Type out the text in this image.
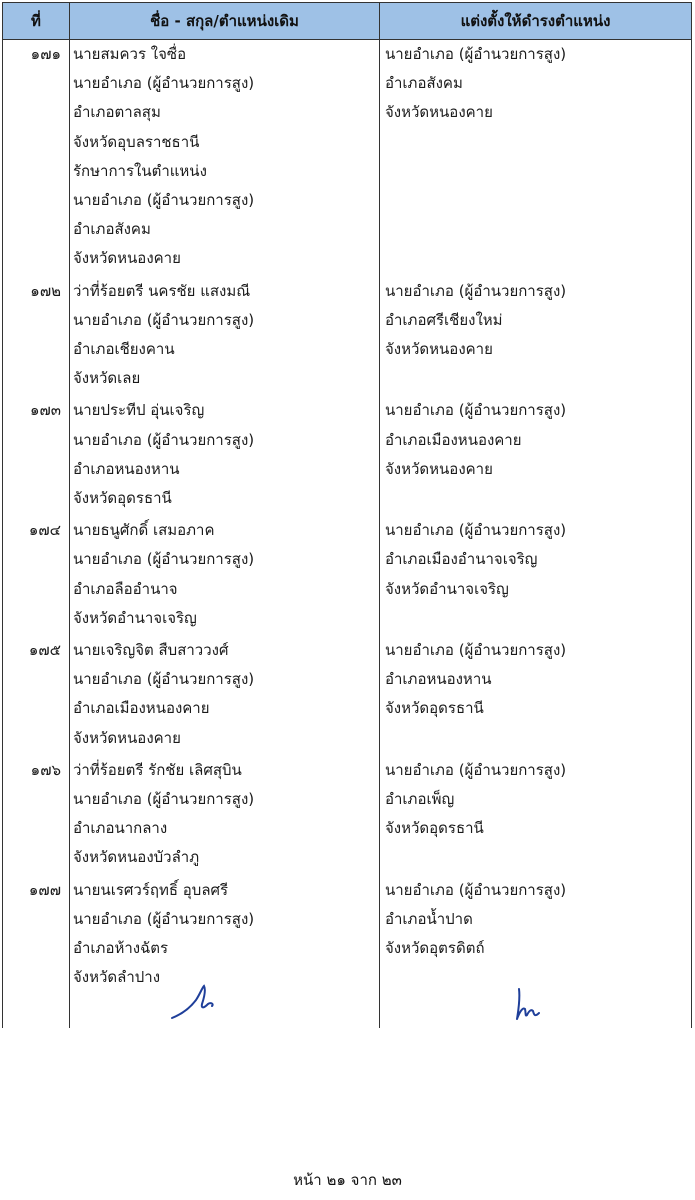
ที่	ชื่อ - สกุล/ตำแหน่งเดิม	แต่งตั้งให้ดำรงตำแหน่ง
๑๗๑ นายสมควร ใจซื่อ
นายอำเภอ (ผู้อำนวยการสูง)
อำเภอตาลสุม
จังหวัดอุบลราชธานี
รักษาการในตำแหน่ง
นายอำเภอ (ผู้อำนวยการสูง)
อำเภอสังคม
จังหวัดหนองคาย
นายอำเภอ (ผู้อำนวยการสูง)
อำเภอสังคม
จังหวัดหนองคาย
๑๗๒ ว่าที่ร้อยตรี นครชัย แสงมณี
นายอำเภอ (ผู้อำนวยการสูง)
อำเภอเชียงคาน
จังหวัดเลย
นายอำเภอ (ผู้อำนวยการสูง)
อำเภอศรีเชียงใหม่
จังหวัดหนองคาย
๑๗๓ นายประทีป อุ่นเจริญ
นายอำเภอ (ผู้อำนวยการสูง)
อำเภอหนองหาน
จังหวัดอุดรธานี
นายอำเภอ (ผู้อำนวยการสูง)
อำเภอเมืองหนองคาย
จังหวัดหนองคาย
๑๗๔ นายธนูศักดิ์ เสมอภาค
นายอำเภอ (ผู้อำนวยการสูง)
อำเภอลืออำนาจ
จังหวัดอำนาจเจริญ
นายอำเภอ (ผู้อำนวยการสูง)
อำเภอเมืองอำนาจเจริญ
จังหวัดอำนาจเจริญ
๑๗๕ นายเจริญจิต สืบสาววงศ์
นายอำเภอ (ผู้อำนวยการสูง)
อำเภอเมืองหนองคาย
จังหวัดหนองคาย
นายอำเภอ (ผู้อำนวยการสูง)
อำเภอหนองหาน
จังหวัดอุดรธานี
๑๗๖ ว่าที่ร้อยตรี รักชัย เลิศสุบิน
นายอำเภอ (ผู้อำนวยการสูง)
อำเภอนากลาง
จังหวัดหนองบัวลำภู
นายอำเภอ (ผู้อำนวยการสูง)
อำเภอเพ็ญ
จังหวัดอุดรธานี
๑๗๗ นายนเรศวร์ฤทธิ์ อุบลศรี
นายอำเภอ (ผู้อำนวยการสูง)
อำเภอห้างฉัตร
จังหวัดลำปาง
นายอำเภอ (ผู้อำนวยการสูง)
อำเภอน้ำปาด
จังหวัดอุตรดิตถ์
หน้า ๒๑ จาก ๒๓
